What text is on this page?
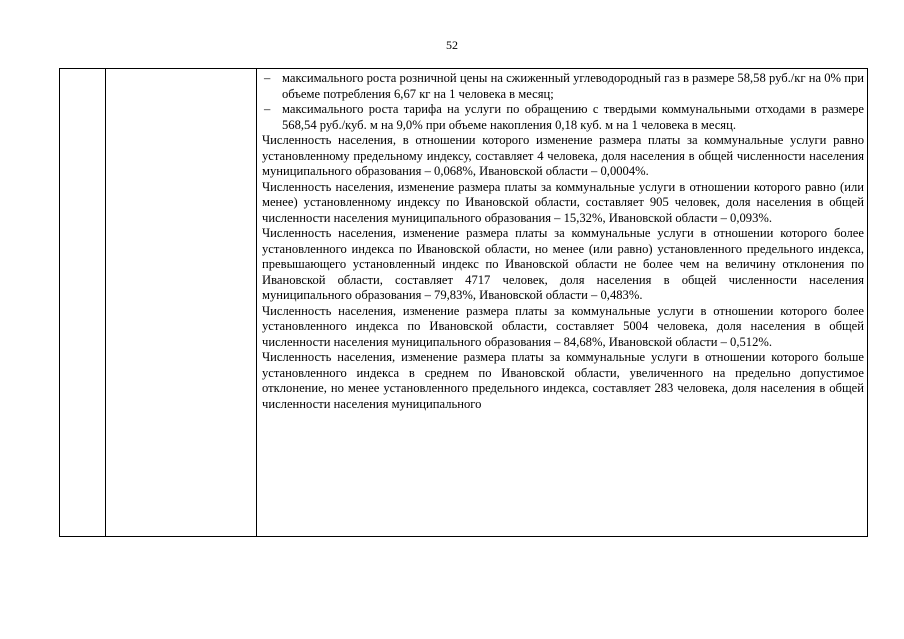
52

– максимального роста розничной цены на сжиженный углеводородный газ в размере 58,58 руб./кг на 0% при объеме потребления 6,67 кг на 1 человека в месяц;

– максимального роста тарифа на услуги по обращению с твердыми коммунальными отходами в размере 568,54 руб./куб. м на 9,0% при объеме накопления 0,18 куб. м на 1 человека в месяц.

Численность населения, в отношении которого изменение размера платы за коммунальные услуги равно установленному предельному индексу, составляет 4 человека, доля населения в общей численности населения муниципального образования – 0,068%, Ивановской области – 0,0004%.

Численность населения, изменение размера платы за коммунальные услуги в отношении которого равно (или менее) установленному индексу по Ивановской области, составляет 905 человек, доля населения в общей численности населения муниципального образования – 15,32%, Ивановской области – 0,093%.

Численность населения, изменение размера платы за коммунальные услуги в отношении которого более установленного индекса по Ивановской области, но менее (или равно) установленного предельного индекса, превышающего установленный индекс по Ивановской области не более чем на величину отклонения по Ивановской области, составляет 4717 человек, доля населения в общей численности населения муниципального образования – 79,83%, Ивановской области – 0,483%.

Численность населения, изменение размера платы за коммунальные услуги в отношении которого более установленного индекса по Ивановской области, составляет 5004 человека, доля населения в общей численности населения муниципального образования – 84,68%, Ивановской области – 0,512%.

Численность населения, изменение размера платы за коммунальные услуги в отношении которого больше установленного индекса в среднем по Ивановской области, увеличенного на предельно допустимое отклонение, но менее установленного предельного индекса, составляет 283 человека, доля населения в общей численности населения муниципального
